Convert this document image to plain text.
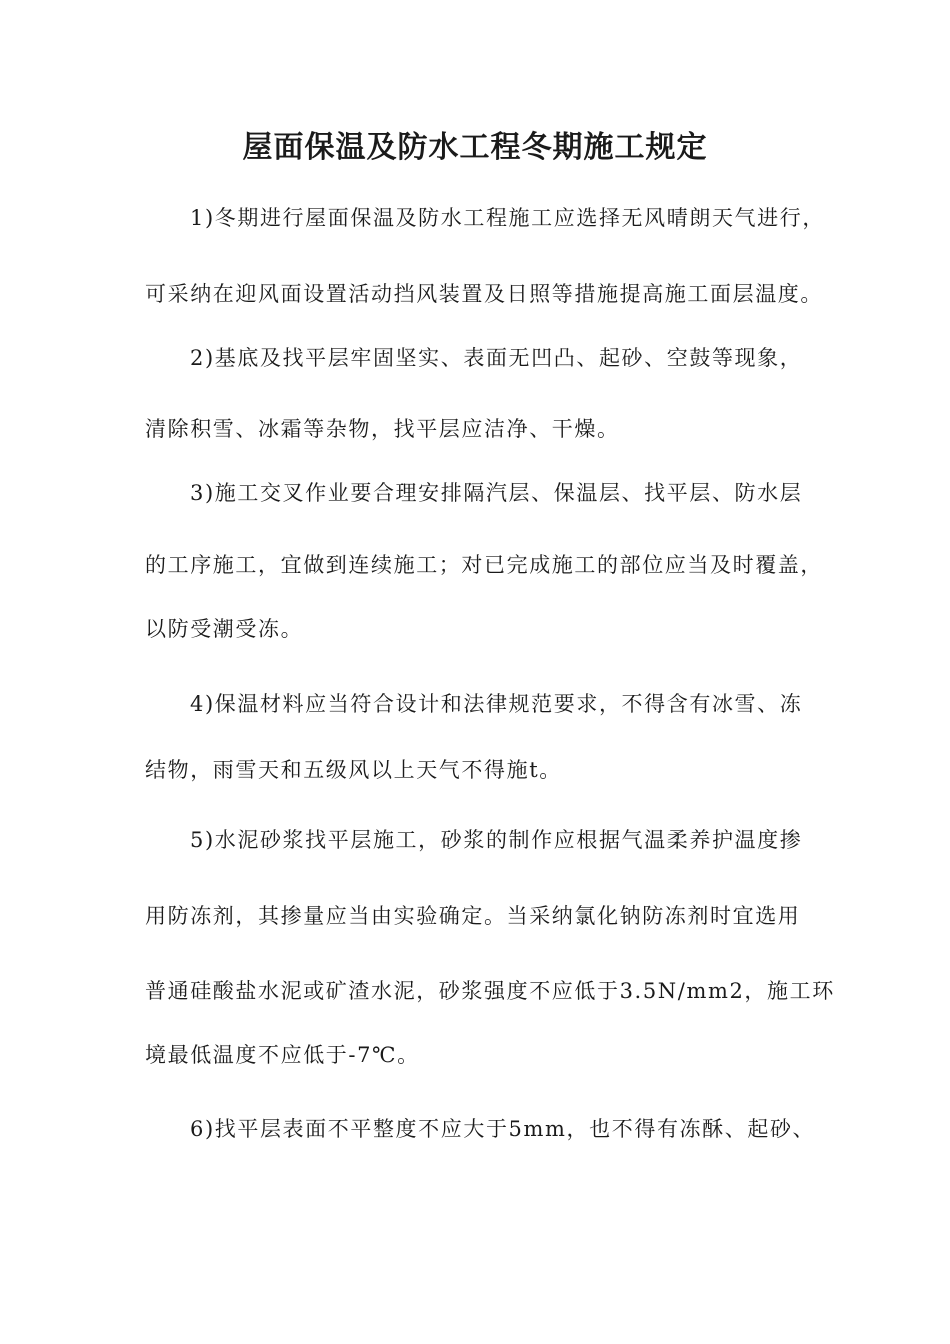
屋面保温及防水工程冬期施工规定
1)冬期进行屋面保温及防水工程施工应选择无风晴朗天气进行，
可采纳在迎风面设置活动挡风装置及日照等措施提高施工面层温度。
2)基底及找平层牢固坚实、表面无凹凸、起砂、空鼓等现象，
清除积雪、冰霜等杂物，找平层应洁净、干燥。
3)施工交叉作业要合理安排隔汽层、保温层、找平层、防水层
的工序施工，宜做到连续施工；对已完成施工的部位应当及时覆盖，
以防受潮受冻。
4)保温材料应当符合设计和法律规范要求，不得含有冰雪、冻
结物，雨雪天和五级风以上天气不得施t。
5)水泥砂浆找平层施工，砂浆的制作应根据气温柔养护温度掺
用防冻剂，其掺量应当由实验确定。当采纳氯化钠防冻剂时宜选用
普通硅酸盐水泥或矿渣水泥，砂浆强度不应低于3.5N/mm2，施工环
境最低温度不应低于-7℃。
6)找平层表面不平整度不应大于5mm，也不得有冻酥、起砂、
